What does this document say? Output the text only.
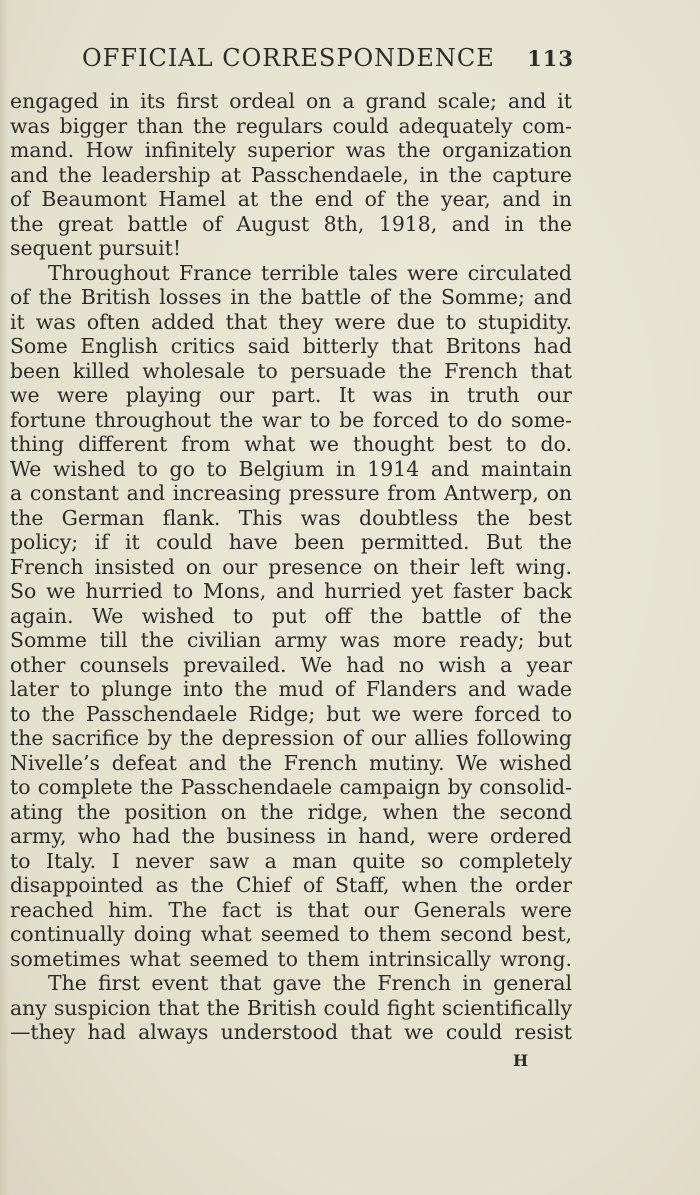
OFFICIAL CORRESPONDENCE 113
engaged in its first ordeal on a grand scale; and it
was bigger than the regulars could adequately com-
mand. How infinitely superior was the organization
and the leadership at Passchendaele, in the capture
of Beaumont Hamel at the end of the year, and in
the great battle of August 8th, 1918, and in the
sequent pursuit!
Throughout France terrible tales were circulated
of the British losses in the battle of the Somme; and
it was often added that they were due to stupidity.
Some English critics said bitterly that Britons had
been killed wholesale to persuade the French that
we were playing our part. It was in truth our
fortune throughout the war to be forced to do some-
thing different from what we thought best to do.
We wished to go to Belgium in 1914 and maintain
a constant and increasing pressure from Antwerp, on
the German flank. This was doubtless the best
policy; if it could have been permitted. But the
French insisted on our presence on their left wing.
So we hurried to Mons, and hurried yet faster back
again. We wished to put off the battle of the
Somme till the civilian army was more ready; but
other counsels prevailed. We had no wish a year
later to plunge into the mud of Flanders and wade
to the Passchendaele Ridge; but we were forced to
the sacrifice by the depression of our allies following
Nivelle’s defeat and the French mutiny. We wished
to complete the Passchendaele campaign by consolid-
ating the position on the ridge, when the second
army, who had the business in hand, were ordered
to Italy. I never saw a man quite so completely
disappointed as the Chief of Staff, when the order
reached him. The fact is that our Generals were
continually doing what seemed to them second best,
sometimes what seemed to them intrinsically wrong.
The first event that gave the French in general
any suspicion that the British could fight scientifically
—they had always understood that we could resist
H
